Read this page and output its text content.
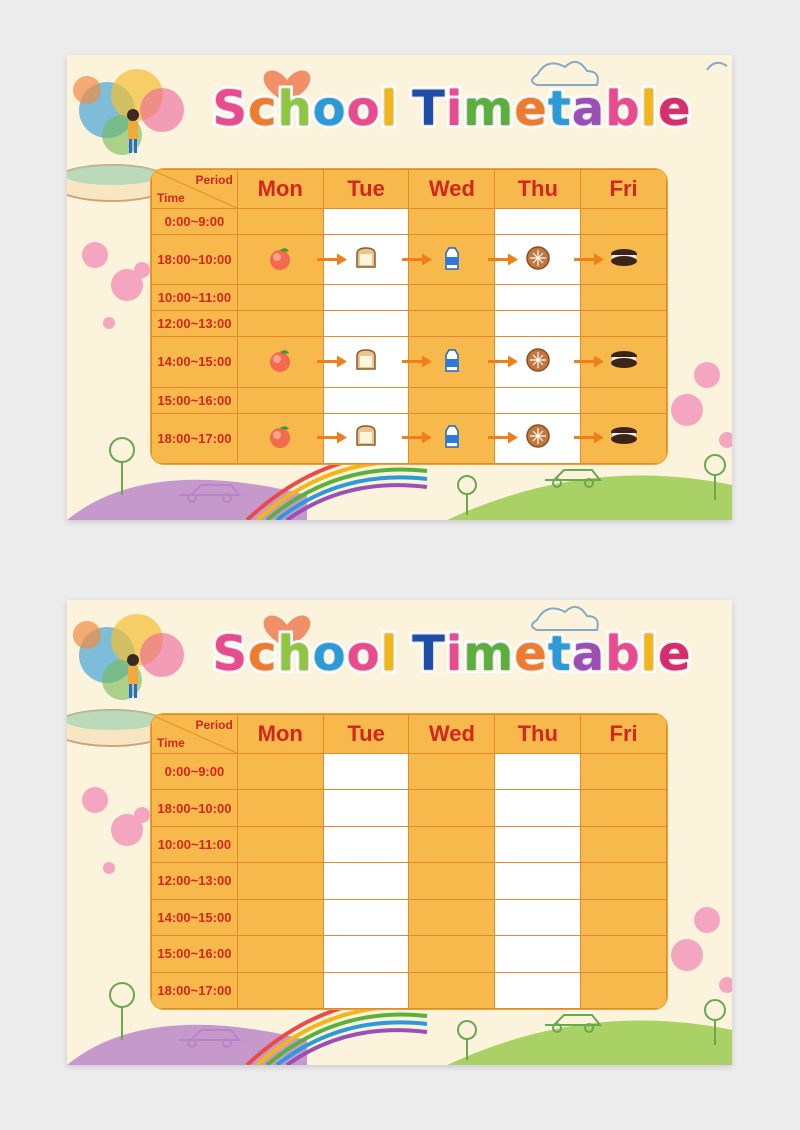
School Timetable
Period
Time	Mon	Tue	Wed	Thu	Fri
0:00~9:00					
18:00~10:00	

10:00~11:00					
12:00~13:00					
14:00~15:00	

15:00~16:00					
18:00~17:00	

School Timetable
Period
Time	Mon	Tue	Wed	Thu	Fri
0:00~9:00					
18:00~10:00					
10:00~11:00					
12:00~13:00					
14:00~15:00					
15:00~16:00					
18:00~17:00					
